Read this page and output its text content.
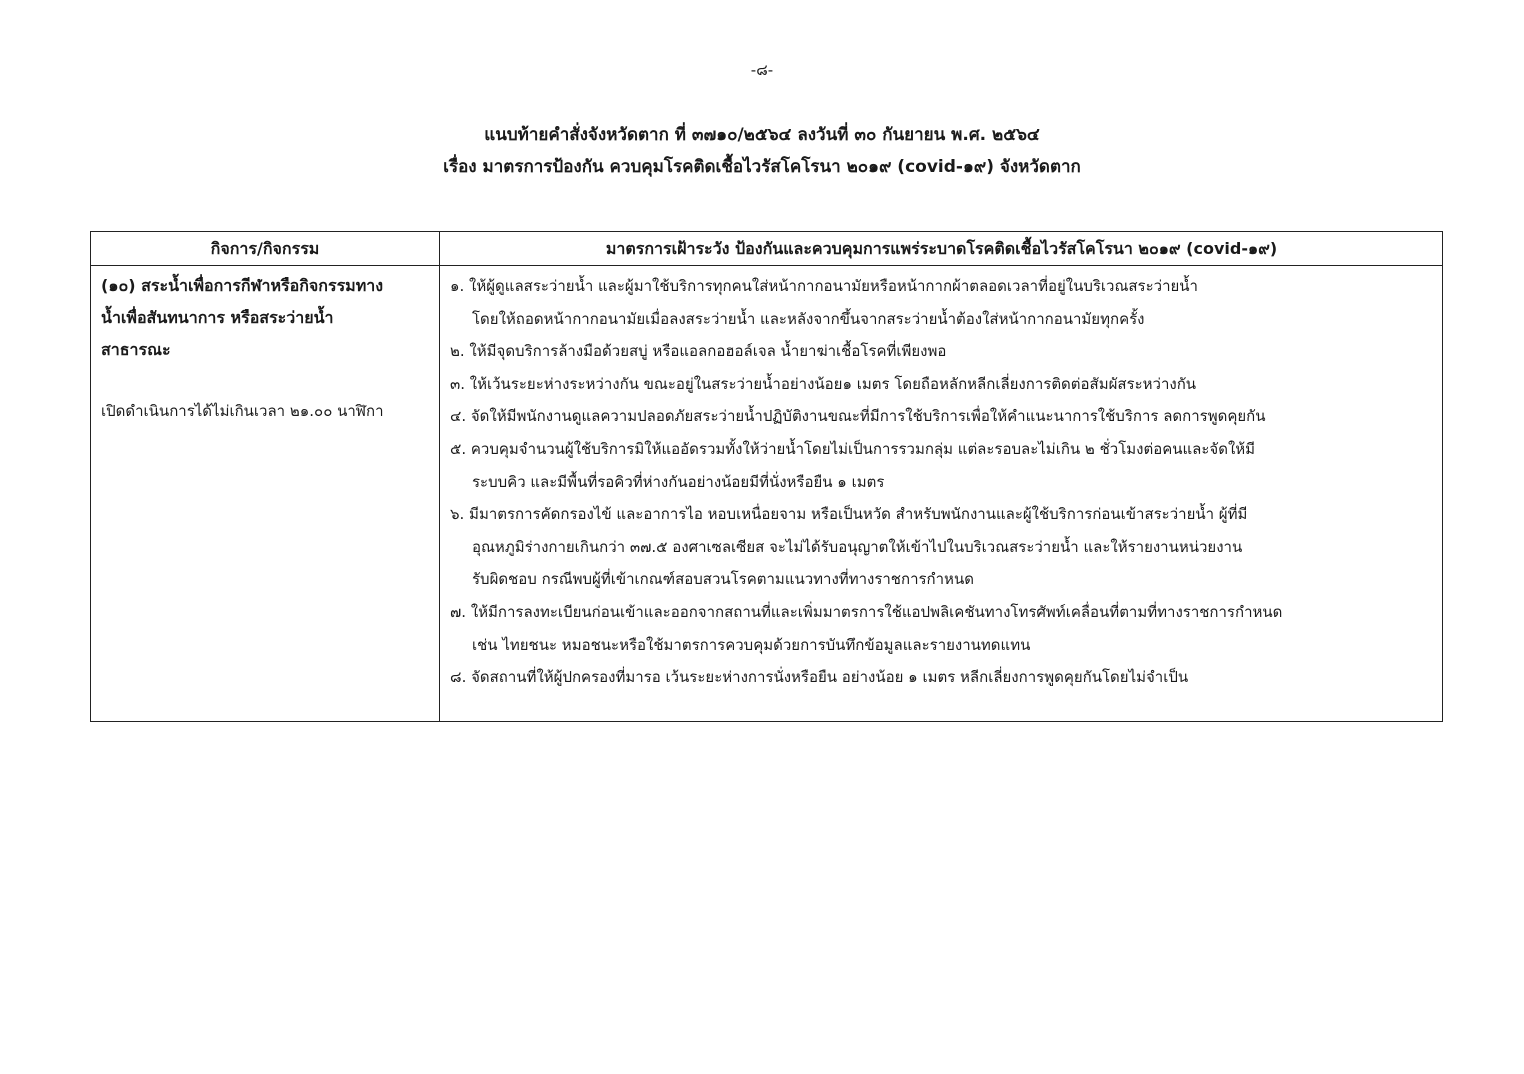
-๘-
แนบท้ายคำสั่งจังหวัดตาก ที่ ๓๗๑๐/๒๕๖๔ ลงวันที่ ๓๐ กันยายน พ.ศ. ๒๕๖๔
เรื่อง มาตรการป้องกัน ควบคุมโรคติดเชื้อไวรัสโคโรนา ๒๐๑๙ (covid-๑๙) จังหวัดตาก
กิจการ/กิจกรรม	มาตรการเฝ้าระวัง ป้องกันและควบคุมการแพร่ระบาดโรคติดเชื้อไวรัสโคโรนา ๒๐๑๙ (covid-๑๙)
(๑๐) สระน้ำเพื่อการกีฬาหรือกิจกรรมทาง
น้ำเพื่อสันทนาการ หรือสระว่ายน้ำ
สาธารณะ
เปิดดำเนินการได้ไม่เกินเวลา ๒๑.๐๐ นาฬิกา
๑. ให้ผู้ดูแลสระว่ายน้ำ และผู้มาใช้บริการทุกคนใส่หน้ากากอนามัยหรือหน้ากากผ้าตลอดเวลาที่อยู่ในบริเวณสระว่ายน้ำ
โดยให้ถอดหน้ากากอนามัยเมื่อลงสระว่ายน้ำ และหลังจากขึ้นจากสระว่ายน้ำต้องใส่หน้ากากอนามัยทุกครั้ง
๒. ให้มีจุดบริการล้างมือด้วยสบู่ หรือแอลกอฮอล์เจล น้ำยาฆ่าเชื้อโรคที่เพียงพอ
๓. ให้เว้นระยะห่างระหว่างกัน ขณะอยู่ในสระว่ายน้ำอย่างน้อย๑ เมตร โดยถือหลักหลีกเลี่ยงการติดต่อสัมผัสระหว่างกัน
๔. จัดให้มีพนักงานดูแลความปลอดภัยสระว่ายน้ำปฏิบัติงานขณะที่มีการใช้บริการเพื่อให้คำแนะนาการใช้บริการ ลดการพูดคุยกัน
๕. ควบคุมจำนวนผู้ใช้บริการมิให้แออัดรวมทั้งให้ว่ายน้ำโดยไม่เป็นการรวมกลุ่ม แต่ละรอบละไม่เกิน ๒ ชั่วโมงต่อคนและจัดให้มี
ระบบคิว และมีพื้นที่รอคิวที่ห่างกันอย่างน้อยมีที่นั่งหรือยืน ๑ เมตร
๖. มีมาตรการคัดกรองไข้ และอาการไอ หอบเหนื่อยจาม หรือเป็นหวัด สำหรับพนักงานและผู้ใช้บริการก่อนเข้าสระว่ายน้ำ ผู้ที่มี
อุณหภูมิร่างกายเกินกว่า ๓๗.๕ องศาเซลเซียส จะไม่ได้รับอนุญาตให้เข้าไปในบริเวณสระว่ายน้ำ และให้รายงานหน่วยงาน
รับผิดชอบ กรณีพบผู้ที่เข้าเกณฑ์สอบสวนโรคตามแนวทางที่ทางราชการกำหนด
๗. ให้มีการลงทะเบียนก่อนเข้าและออกจากสถานที่และเพิ่มมาตรการใช้แอปพลิเคชันทางโทรศัพท์เคลื่อนที่ตามที่ทางราชการกำหนด
เช่น ไทยชนะ หมอชนะหรือใช้มาตรการควบคุมด้วยการบันทึกข้อมูลและรายงานทดแทน
๘. จัดสถานที่ให้ผู้ปกครองที่มารอ เว้นระยะห่างการนั่งหรือยืน อย่างน้อย ๑ เมตร หลีกเลี่ยงการพูดคุยกันโดยไม่จำเป็น
